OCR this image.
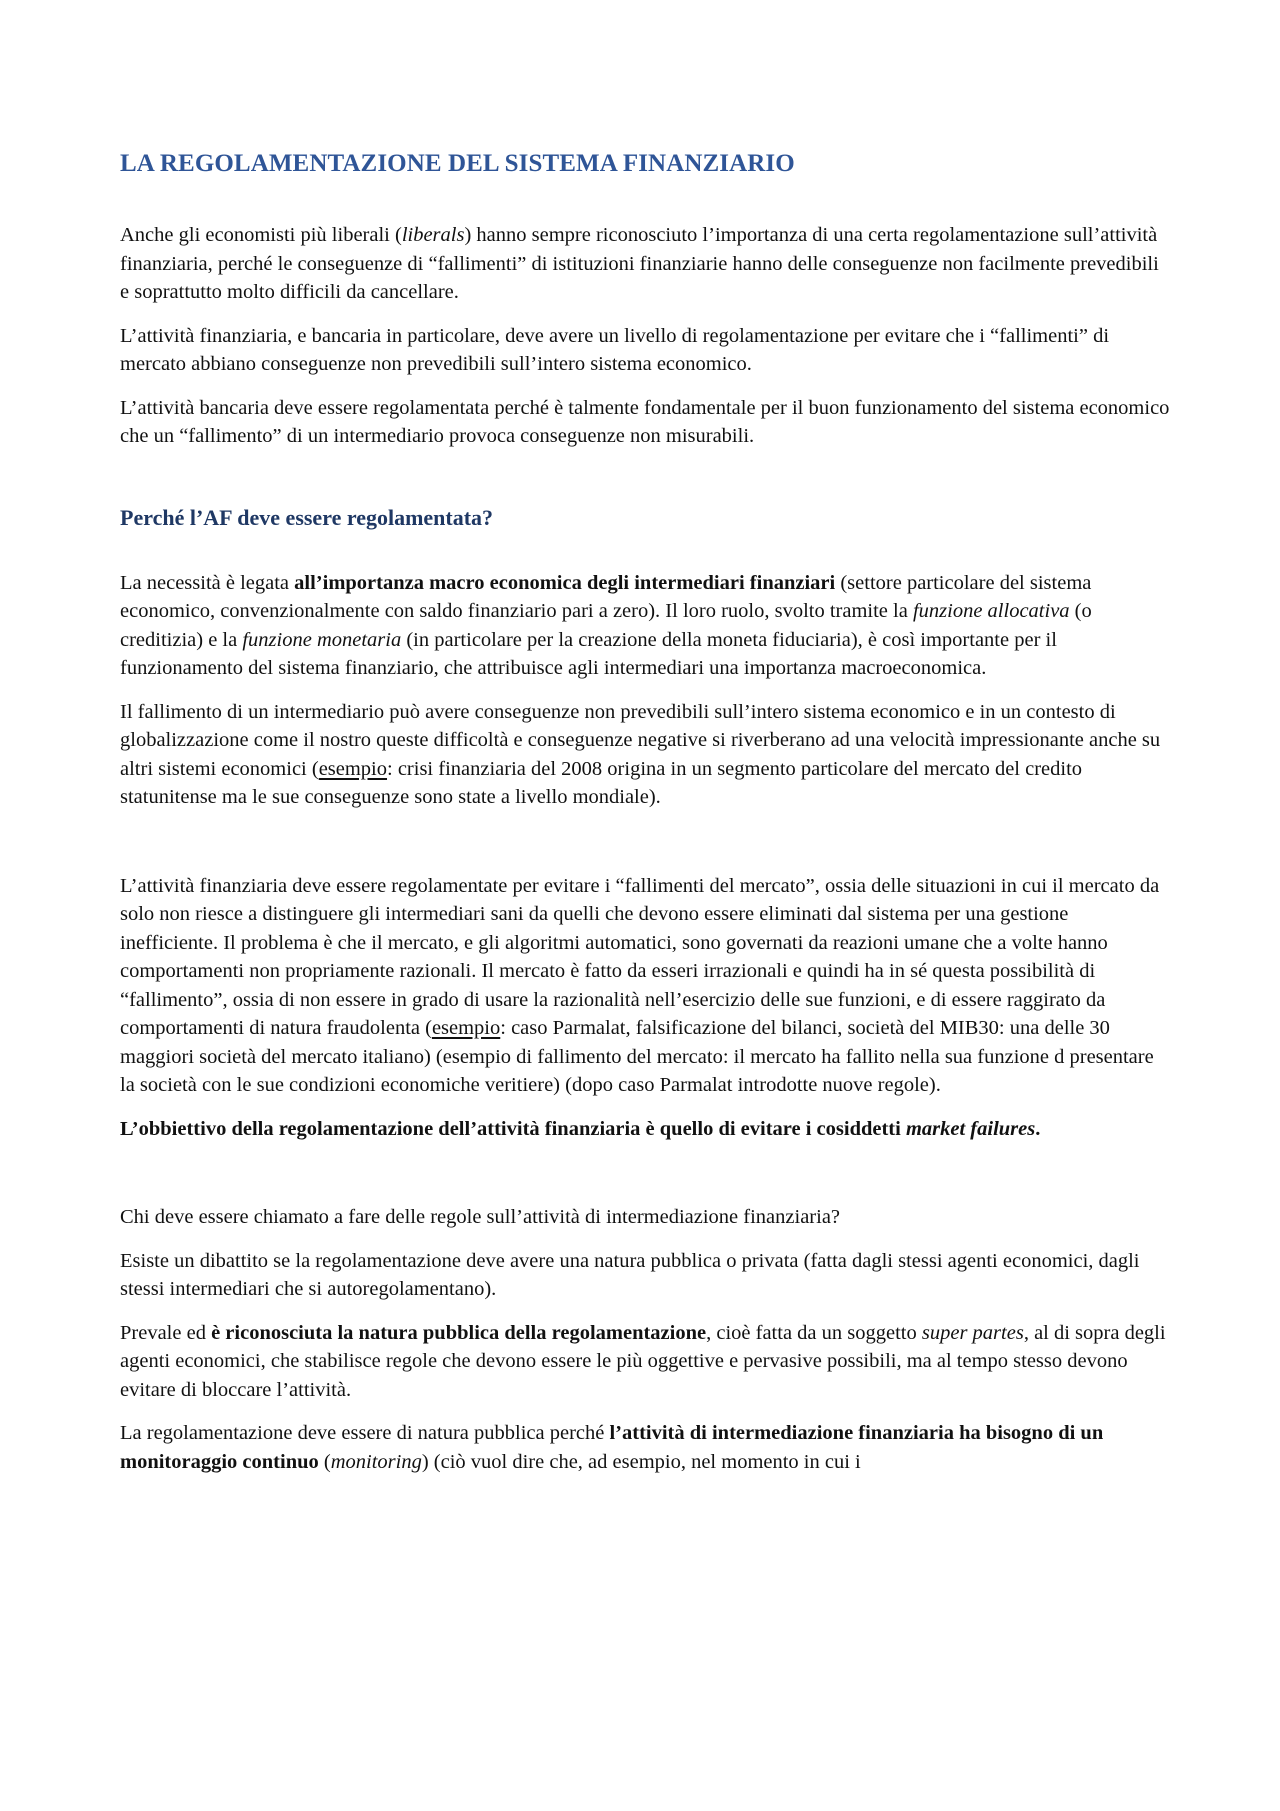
LA REGOLAMENTAZIONE DEL SISTEMA FINANZIARIO

Anche gli economisti più liberali (liberals) hanno sempre riconosciuto l’importanza di una certa regolamentazione sull’attività finanziaria, perché le conseguenze di “fallimenti” di istituzioni finanziarie hanno delle conseguenze non facilmente prevedibili e soprattutto molto difficili da cancellare.

L’attività finanziaria, e bancaria in particolare, deve avere un livello di regolamentazione per evitare che i “fallimenti” di mercato abbiano conseguenze non prevedibili sull’intero sistema economico.

L’attività bancaria deve essere regolamentata perché è talmente fondamentale per il buon funzionamento del sistema economico che un “fallimento” di un intermediario provoca conseguenze non misurabili.

Perché l’AF deve essere regolamentata?

La necessità è legata all’importanza macro economica degli intermediari finanziari (settore particolare del sistema economico, convenzionalmente con saldo finanziario pari a zero). Il loro ruolo, svolto tramite la funzione allocativa (o creditizia) e la funzione monetaria (in particolare per la creazione della moneta fiduciaria), è così importante per il funzionamento del sistema finanziario, che attribuisce agli intermediari una importanza macroeconomica.

Il fallimento di un intermediario può avere conseguenze non prevedibili sull’intero sistema economico e in un contesto di globalizzazione come il nostro queste difficoltà e conseguenze negative si riverberano ad una velocità impressionante anche su altri sistemi economici (esempio: crisi finanziaria del 2008 origina in un segmento particolare del mercato del credito statunitense ma le sue conseguenze sono state a livello mondiale).

L’attività finanziaria deve essere regolamentate per evitare i “fallimenti del mercato”, ossia delle situazioni in cui il mercato da solo non riesce a distinguere gli intermediari sani da quelli che devono essere eliminati dal sistema per una gestione inefficiente. Il problema è che il mercato, e gli algoritmi automatici, sono governati da reazioni umane che a volte hanno comportamenti non propriamente razionali. Il mercato è fatto da esseri irrazionali e quindi ha in sé questa possibilità di “fallimento”, ossia di non essere in grado di usare la razionalità nell’esercizio delle sue funzioni, e di essere raggirato da comportamenti di natura fraudolenta (esempio: caso Parmalat, falsificazione del bilanci, società del MIB30: una delle 30 maggiori società del mercato italiano) (esempio di fallimento del mercato: il mercato ha fallito nella sua funzione d presentare la società con le sue condizioni economiche veritiere) (dopo caso Parmalat introdotte nuove regole).

L’obbiettivo della regolamentazione dell’attività finanziaria è quello di evitare i cosiddetti market failures.

Chi deve essere chiamato a fare delle regole sull’attività di intermediazione finanziaria?

Esiste un dibattito se la regolamentazione deve avere una natura pubblica o privata (fatta dagli stessi agenti economici, dagli stessi intermediari che si autoregolamentano).

Prevale ed è riconosciuta la natura pubblica della regolamentazione, cioè fatta da un soggetto super partes, al di sopra degli agenti economici, che stabilisce regole che devono essere le più oggettive e pervasive possibili, ma al tempo stesso devono evitare di bloccare l’attività.

La regolamentazione deve essere di natura pubblica perché l’attività di intermediazione finanziaria ha bisogno di un monitoraggio continuo (monitoring) (ciò vuol dire che, ad esempio, nel momento in cui i
